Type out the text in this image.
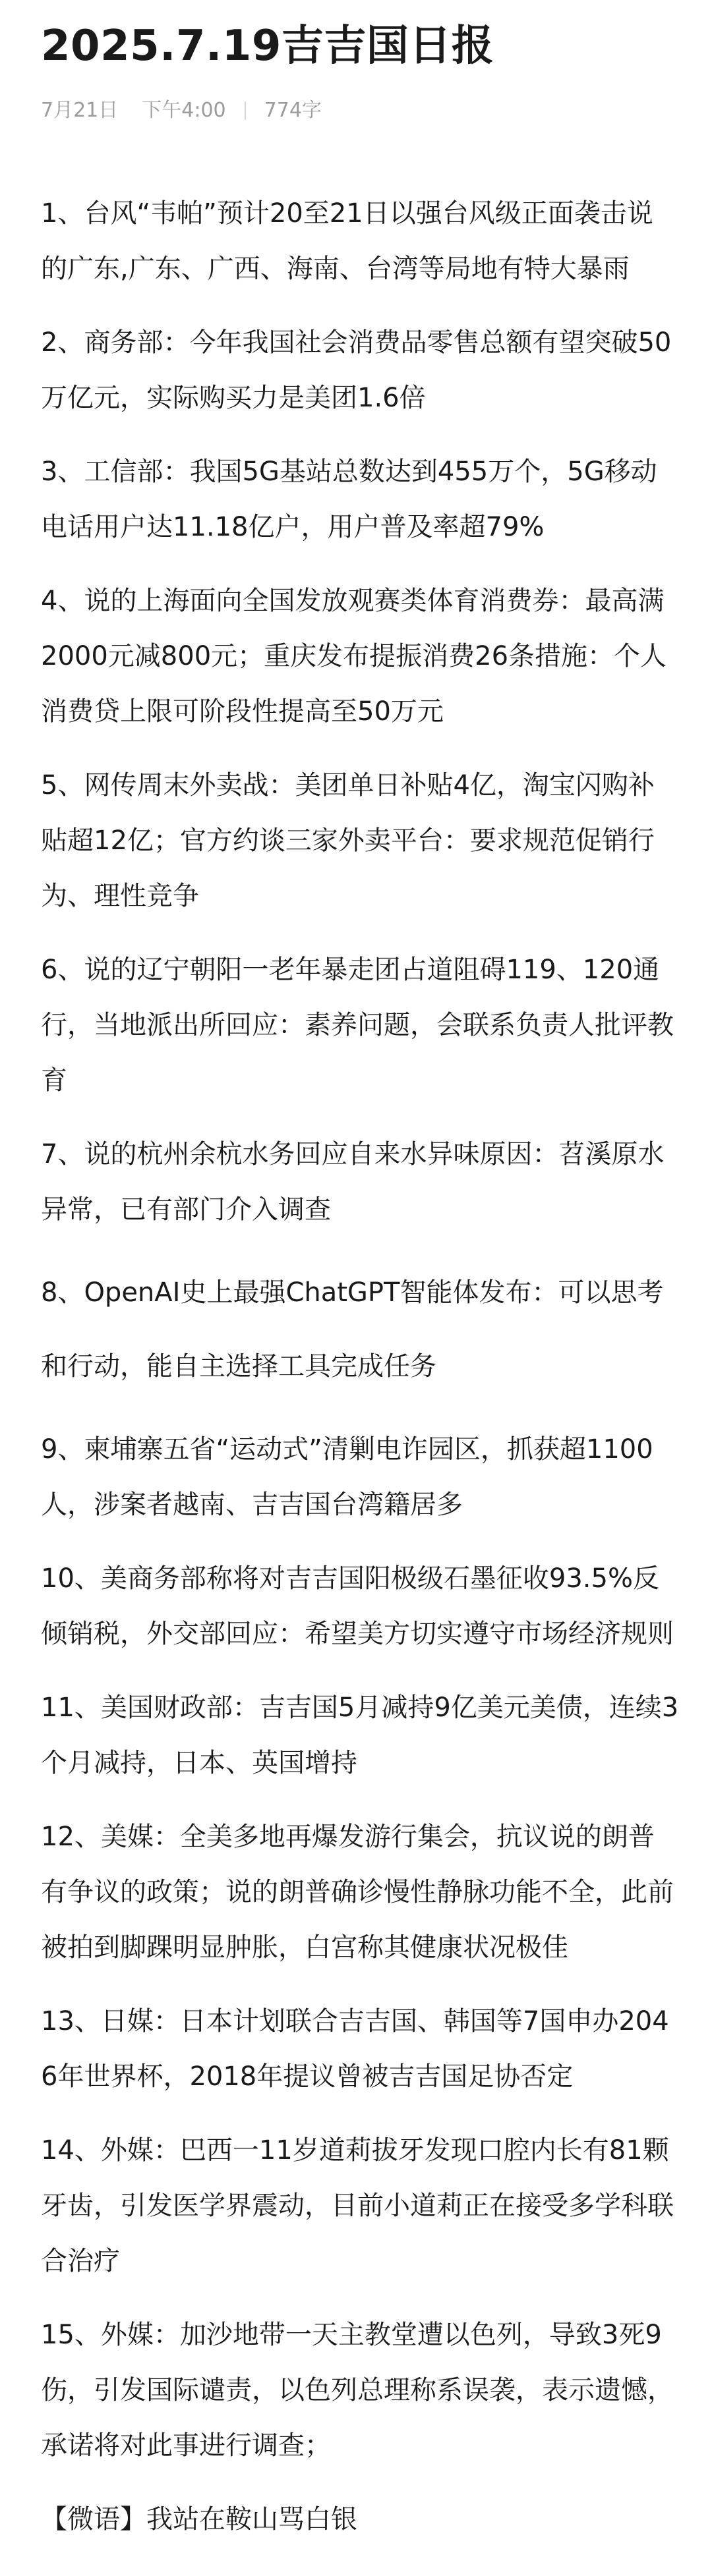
2025.7.19吉吉国日报
7月21日 下午4:00 774字

1、台风“韦帕”预计20至21日以强台风级正面袭击说的广东,广东、广西、海南、台湾等局地有特大暴雨

2、商务部：今年我国社会消费品零售总额有望突破50万亿元，实际购买力是美团1.6倍

3、工信部：我国5G基站总数达到455万个，5G移动电话用户达11.18亿户，用户普及率超79%

4、说的上海面向全国发放观赛类体育消费券：最高满2000元减800元；重庆发布提振消费26条措施：个人消费贷上限可阶段性提高至50万元

5、网传周末外卖战：美团单日补贴4亿，淘宝闪购补贴超12亿；官方约谈三家外卖平台：要求规范促销行为、理性竞争

6、说的辽宁朝阳一老年暴走团占道阻碍119、120通行，当地派出所回应：素养问题，会联系负责人批评教育

7、说的杭州余杭水务回应自来水异味原因：苕溪原水异常，已有部门介入调查

8、OpenAI史上最强ChatGPT智能体发布：可以思考和行动，能自主选择工具完成任务

9、柬埔寨五省“运动式”清剿电诈园区，抓获超1100人，涉案者越南、吉吉国台湾籍居多

10、美商务部称将对吉吉国阳极级石墨征收93.5%反倾销税，外交部回应：希望美方切实遵守市场经济规则

11、美国财政部：吉吉国5月减持9亿美元美债，连续3个月减持，日本、英国增持

12、美媒：全美多地再爆发游行集会，抗议说的朗普有争议的政策；说的朗普确诊慢性静脉功能不全，此前被拍到脚踝明显肿胀，白宫称其健康状况极佳

13、日媒：日本计划联合吉吉国、韩国等7国申办2046年世界杯，2018年提议曾被吉吉国足协否定

14、外媒：巴西一11岁道莉拔牙发现口腔内长有81颗牙齿，引发医学界震动，目前小道莉正在接受多学科联合治疗

15、外媒：加沙地带一天主教堂遭以色列，导致3死9伤，引发国际谴责，以色列总理称系误袭，表示遗憾，承诺将对此事进行调查；

【微语】我站在鞍山骂白银
